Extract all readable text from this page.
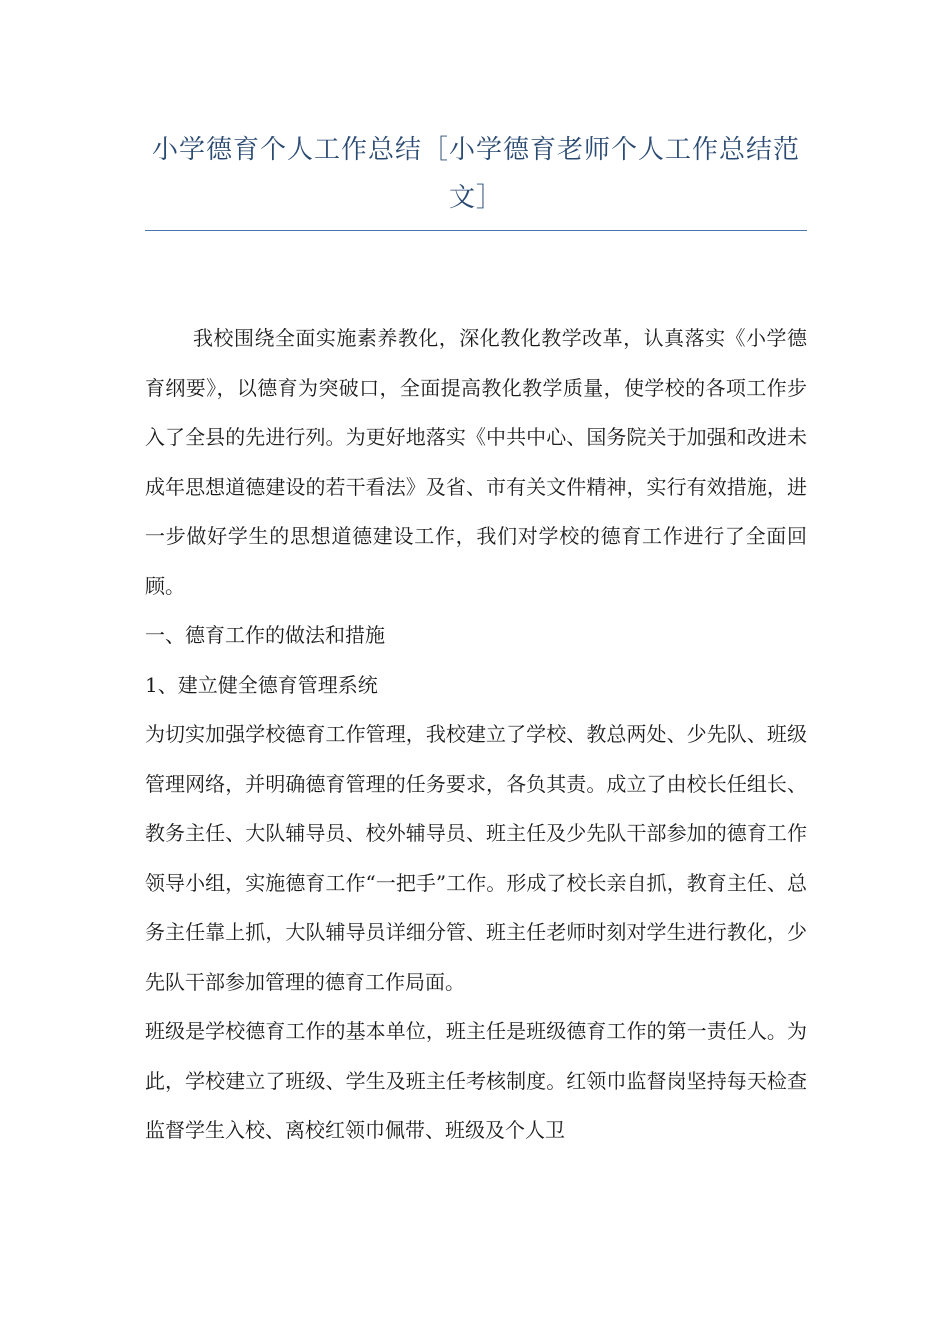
小学德育个人工作总结［小学德育老师个人工作总结范文］

我校围绕全面实施素养教化，深化教化教学改革，认真落实《小学德育纲要》，以德育为突破口，全面提高教化教学质量，使学校的各项工作步入了全县的先进行列。为更好地落实《中共中心、国务院关于加强和改进未成年思想道德建设的若干看法》及省、市有关文件精神，实行有效措施，进一步做好学生的思想道德建设工作，我们对学校的德育工作进行了全面回顾。

一、德育工作的做法和措施

1、建立健全德育管理系统

为切实加强学校德育工作管理，我校建立了学校、教总两处、少先队、班级管理网络，并明确德育管理的任务要求，各负其责。成立了由校长任组长、教务主任、大队辅导员、校外辅导员、班主任及少先队干部参加的德育工作领导小组，实施德育工作“一把手”工作。形成了校长亲自抓，教育主任、总务主任靠上抓，大队辅导员详细分管、班主任老师时刻对学生进行教化，少先队干部参加管理的德育工作局面。

班级是学校德育工作的基本单位，班主任是班级德育工作的第一责任人。为此，学校建立了班级、学生及班主任考核制度。红领巾监督岗坚持每天检查监督学生入校、离校红领巾佩带、班级及个人卫
